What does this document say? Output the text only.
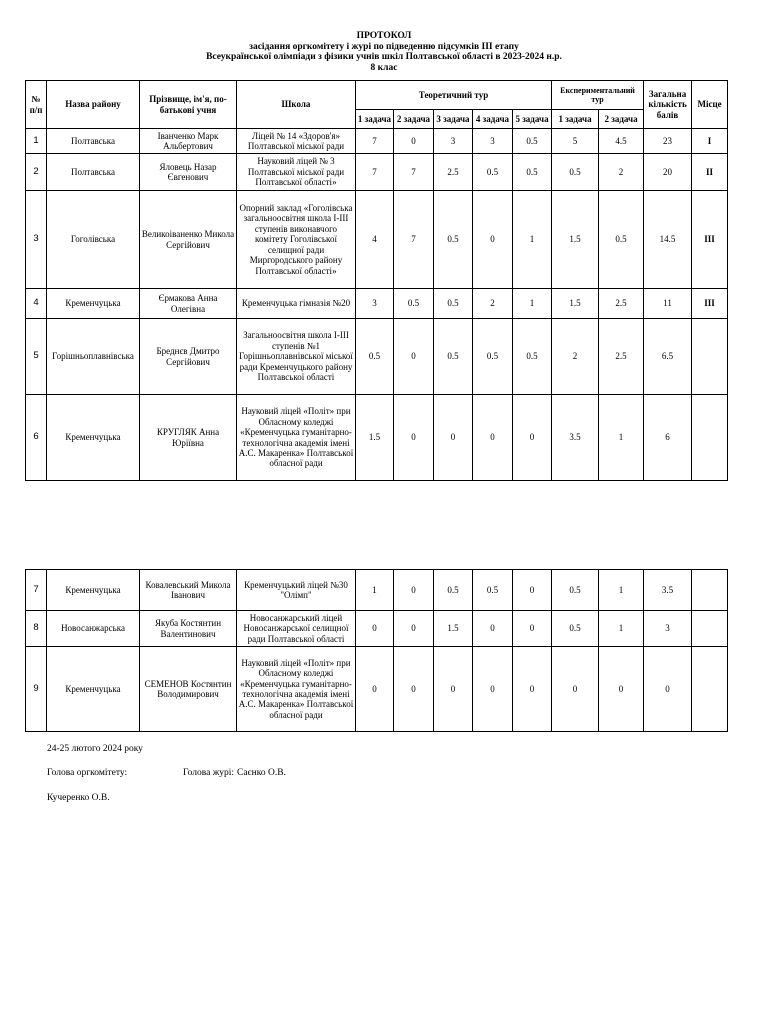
ПРОТОКОЛ
засідання оргкомітету і журі по підведенню підсумків ІІІ етапу
Всеукраїнської олімпіади з фізики учнів шкіл Полтавської області в 2023-2024 н.р.
8 клас
№ п/п	Назва району	Прізвище, ім'я, по-батькові учня	Школа	Теоретичний тур					Експериментальний тур		Загальна кількість балів	Місце
				1 задача	2 задача	3 задача	4 задача	5 задача	1 задача	2 задача		
1	Полтавська	Іванченко Марк Альбертович	Ліцей № 14 «Здоров'я» Полтавської міської ради	7	0	3	3	0.5	5	4.5	23	I
2	Полтавська	Яловець Назар Євгенович	Науковий ліцей № 3 Полтавської міської ради Полтавської області»	7	7	2.5	0.5	0.5	0.5	2	20	II
3	Гоголівська	Великоіваненко Микола Сергійович	Опорний заклад «Гоголівська загальноосвітня школа І-ІІІ ступенів виконавчого комітету Гоголівської селищної ради Миргородського району Полтавської області»	4	7	0.5	0	1	1.5	0.5	14.5	III
4	Кременчуцька	Єрмакова Анна Олегівна	Кременчуцька гімназія №20	3	0.5	0.5	2	1	1.5	2.5	11	III
5	Горішньоплавнівська	Бреднєв Дмитро Сергійович	Загальноосвітня школа І-ІІІ ступенів №1 Горішньоплавнівської міської ради Кременчуцького району Полтавської області	0.5	0	0.5	0.5	0.5	2	2.5	6.5	
6	Кременчуцька	КРУГЛЯК Анна Юріївна	Науковий ліцей «Політ» при Обласному коледжі «Кременчуцька гуманітарно-технологічна академія імені А.С. Макаренка» Полтавської обласної ради	1.5	0	0	0	0	3.5	1	6	
7	Кременчуцька	Ковалевський Микола Іванович	Кременчуцький ліцей №30 "Олімп"	1	0	0.5	0.5	0	0.5	1	3.5	
8	Новосанжарська	Якуба Костянтин Валентинович	Новосанжарський ліцей Новосанжарської селищної ради Полтавської області	0	0	1.5	0	0	0.5	1	3	
9	Кременчуцька	СЕМЕНОВ Костянтин Володимирович	Науковий ліцей «Політ» при Обласному коледжі «Кременчуцька гуманітарно-технологічна академія імені А.С. Макаренка» Полтавської обласної ради	0	0	0	0	0	0	0	0	
24-25 лютого 2024 року
Голова оргкомітету:	Голова журі: Саєнко О.В.
Кучеренко О.В.
